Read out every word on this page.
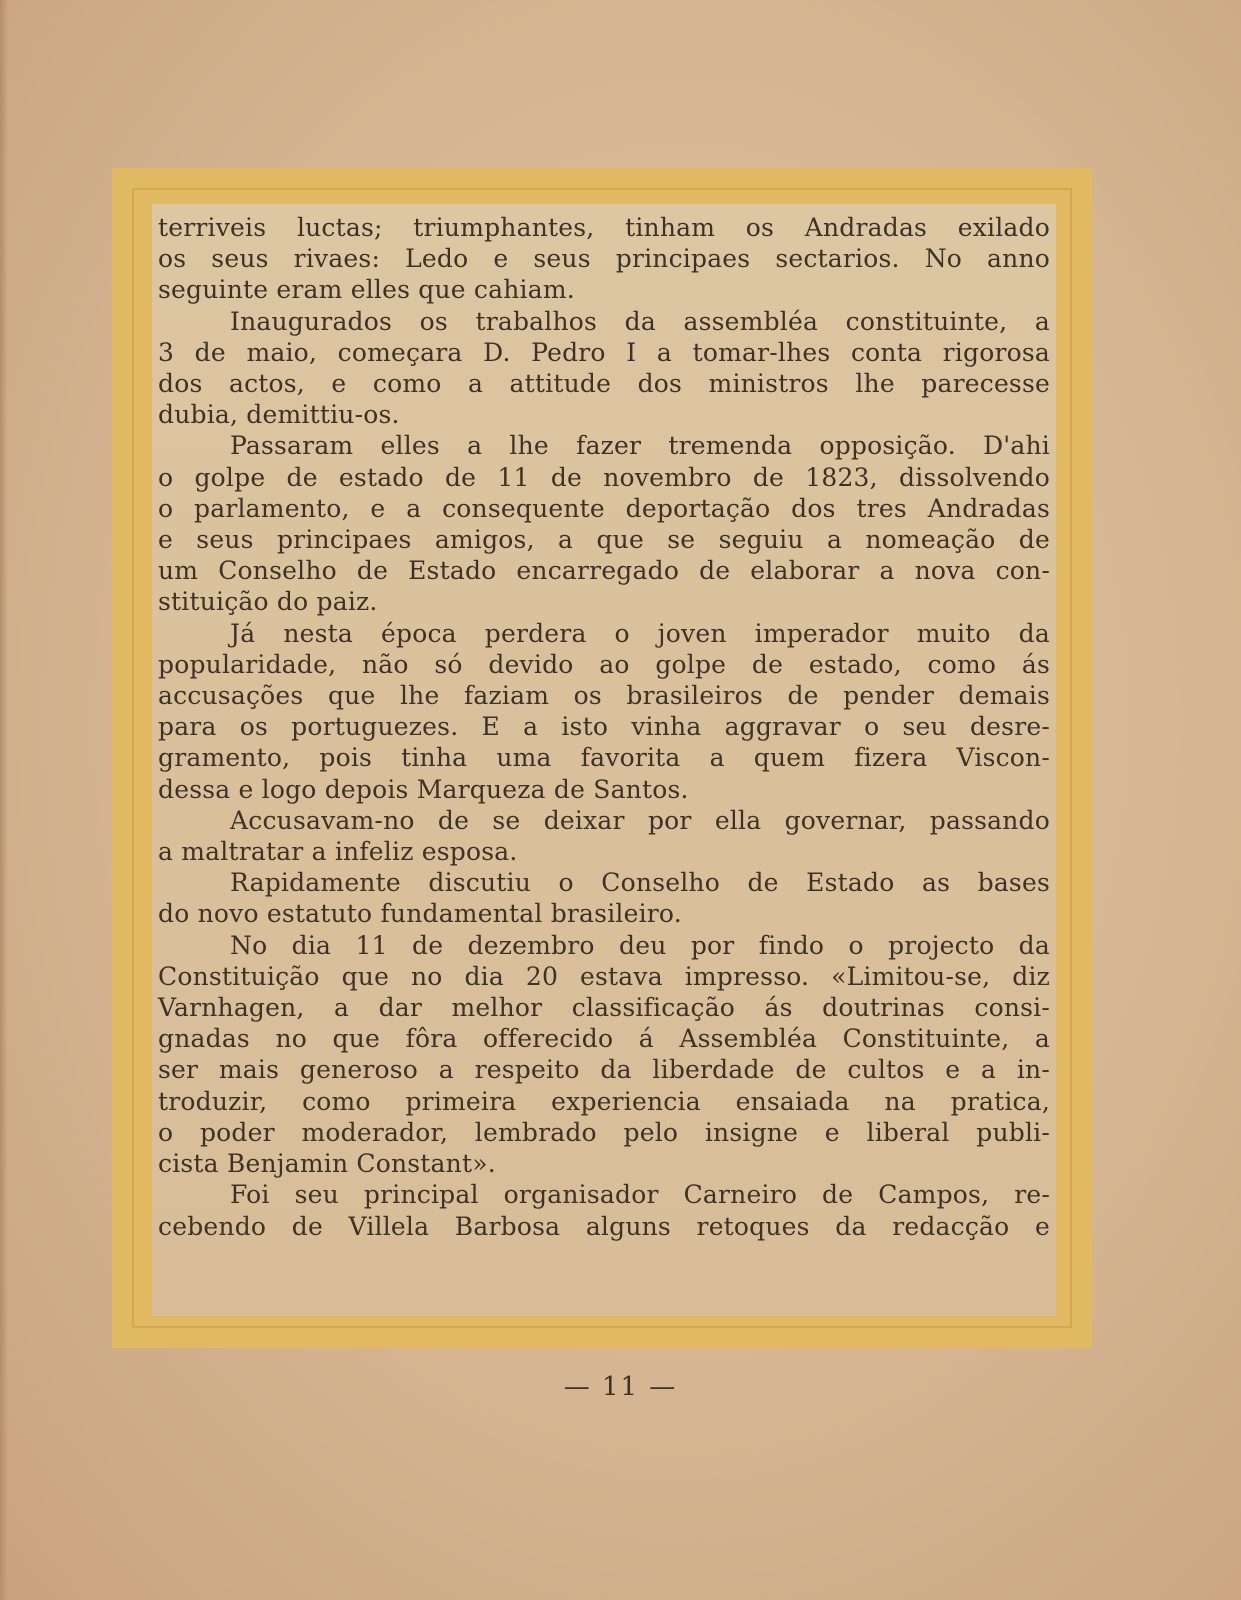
terriveis luctas; triumphantes, tinham os Andradas exilado
os seus rivaes: Ledo e seus principaes sectarios. No anno
seguinte eram elles que cahiam.
Inaugurados os trabalhos da assembléa constituinte, a
3 de maio, começara D. Pedro I a tomar-lhes conta rigorosa
dos actos, e como a attitude dos ministros lhe parecesse
dubia, demittiu-os.
Passaram elles a lhe fazer tremenda opposição. D'ahi
o golpe de estado de 11 de novembro de 1823, dissolvendo
o parlamento, e a consequente deportação dos tres Andradas
e seus principaes amigos, a que se seguiu a nomeação de
um Conselho de Estado encarregado de elaborar a nova con-
stituição do paiz.
Já nesta época perdera o joven imperador muito da
popularidade, não só devido ao golpe de estado, como ás
accusações que lhe faziam os brasileiros de pender demais
para os portuguezes. E a isto vinha aggravar o seu desre-
gramento, pois tinha uma favorita a quem fizera Viscon-
dessa e logo depois Marqueza de Santos.
Accusavam-no de se deixar por ella governar, passando
a maltratar a infeliz esposa.
Rapidamente discutiu o Conselho de Estado as bases
do novo estatuto fundamental brasileiro.
No dia 11 de dezembro deu por findo o projecto da
Constituição que no dia 20 estava impresso. «Limitou-se, diz
Varnhagen, a dar melhor classificação ás doutrinas consi-
gnadas no que fôra offerecido á Assembléa Constituinte, a
ser mais generoso a respeito da liberdade de cultos e a in-
troduzir, como primeira experiencia ensaiada na pratica,
o poder moderador, lembrado pelo insigne e liberal publi-
cista Benjamin Constant».
Foi seu principal organisador Carneiro de Campos, re-
cebendo de Villela Barbosa alguns retoques da redacção e
— 11 —
